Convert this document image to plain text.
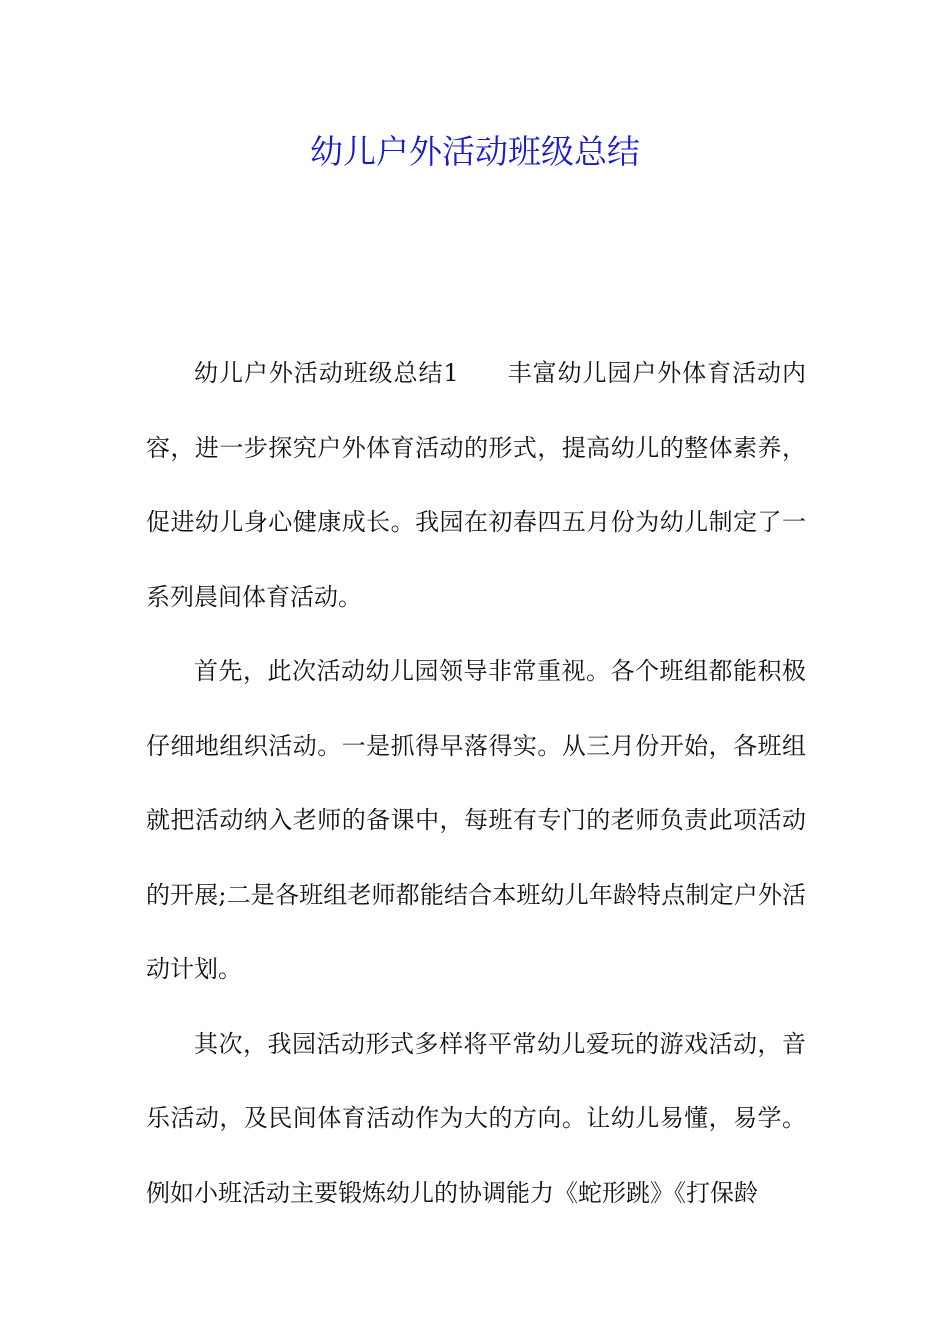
幼儿户外活动班级总结

幼儿户外活动班级总结1 丰富幼儿园户外体育活动内容，进一步探究户外体育活动的形式，提高幼儿的整体素养，促进幼儿身心健康成长。我园在初春四五月份为幼儿制定了一系列晨间体育活动。

首先，此次活动幼儿园领导非常重视。各个班组都能积极仔细地组织活动。一是抓得早落得实。从三月份开始，各班组就把活动纳入老师的备课中，每班有专门的老师负责此项活动的开展;二是各班组老师都能结合本班幼儿年龄特点制定户外活动计划。

其次，我园活动形式多样将平常幼儿爱玩的游戏活动，音乐活动，及民间体育活动作为大的方向。让幼儿易懂，易学。例如小班活动主要锻炼幼儿的协调能力《蛇形跳》《打保龄
